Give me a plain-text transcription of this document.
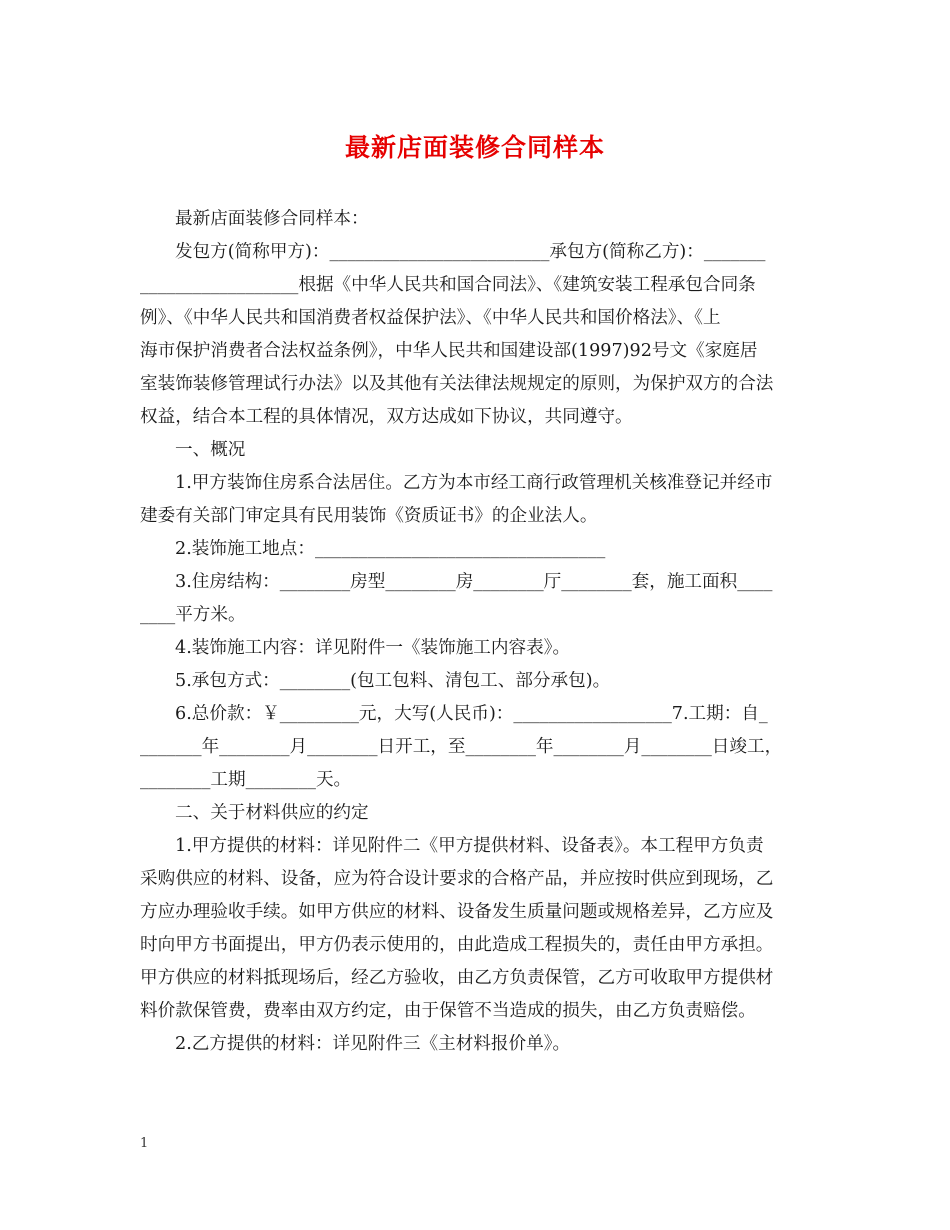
最新店面装修合同样本

最新店面装修合同样本：

发包方(简称甲方)：_________________________承包方(简称乙方)：_______

__________________根据《中华人民共和国合同法》、《建筑安装工程承包合同条

例》、《中华人民共和国消费者权益保护法》、《中华人民共和国价格法》、《上

海市保护消费者合法权益条例》，中华人民共和国建设部(1997)92号文《家庭居

室装饰装修管理试行办法》以及其他有关法律法规规定的原则，为保护双方的合法

权益，结合本工程的具体情况，双方达成如下协议，共同遵守。

一、概况

1.甲方装饰住房系合法居住。乙方为本市经工商行政管理机关核准登记并经市

建委有关部门审定具有民用装饰《资质证书》的企业法人。

2.装饰施工地点：_________________________________

3.住房结构：________房型________房________厅________套，施工面积____

____平方米。

4.装饰施工内容：详见附件一《装饰施工内容表》。

5.承包方式：________(包工包料、清包工、部分承包)。

6.总价款：￥_________元，大写(人民币)：__________________7.工期：自_

_______年________月________日开工，至________年________月________日竣工，

________工期________天。

二、关于材料供应的约定

1.甲方提供的材料：详见附件二《甲方提供材料、设备表》。本工程甲方负责

采购供应的材料、设备，应为符合设计要求的合格产品，并应按时供应到现场，乙

方应办理验收手续。如甲方供应的材料、设备发生质量问题或规格差异，乙方应及

时向甲方书面提出，甲方仍表示使用的，由此造成工程损失的，责任由甲方承担。

甲方供应的材料抵现场后，经乙方验收，由乙方负责保管，乙方可收取甲方提供材

料价款保管费，费率由双方约定，由于保管不当造成的损失，由乙方负责赔偿。

2.乙方提供的材料：详见附件三《主材料报价单》。

1
